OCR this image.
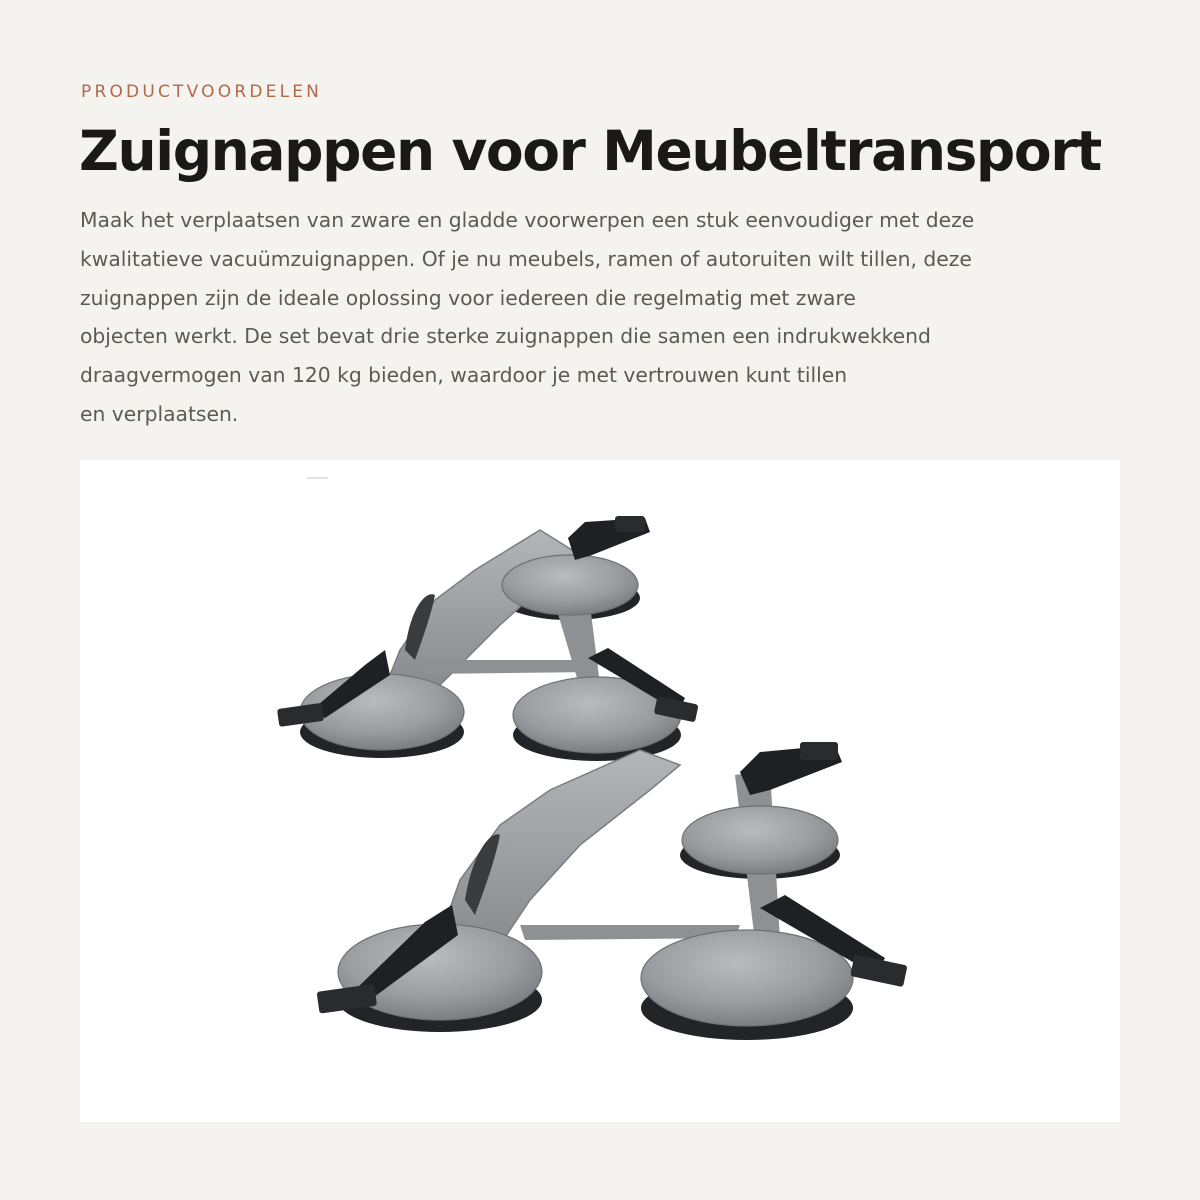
PRODUCTVOORDELEN
Zuignappen voor Meubeltransport
Maak het verplaatsen van zware en gladde voorwerpen een stuk eenvoudiger met deze
kwalitatieve vacuümzuignappen. Of je nu meubels, ramen of autoruiten wilt tillen, deze
zuignappen zijn de ideale oplossing voor iedereen die regelmatig met zware
objecten werkt. De set bevat drie sterke zuignappen die samen een indrukwekkend
draagvermogen van 120 kg bieden, waardoor je met vertrouwen kunt tillen
en verplaatsen.
